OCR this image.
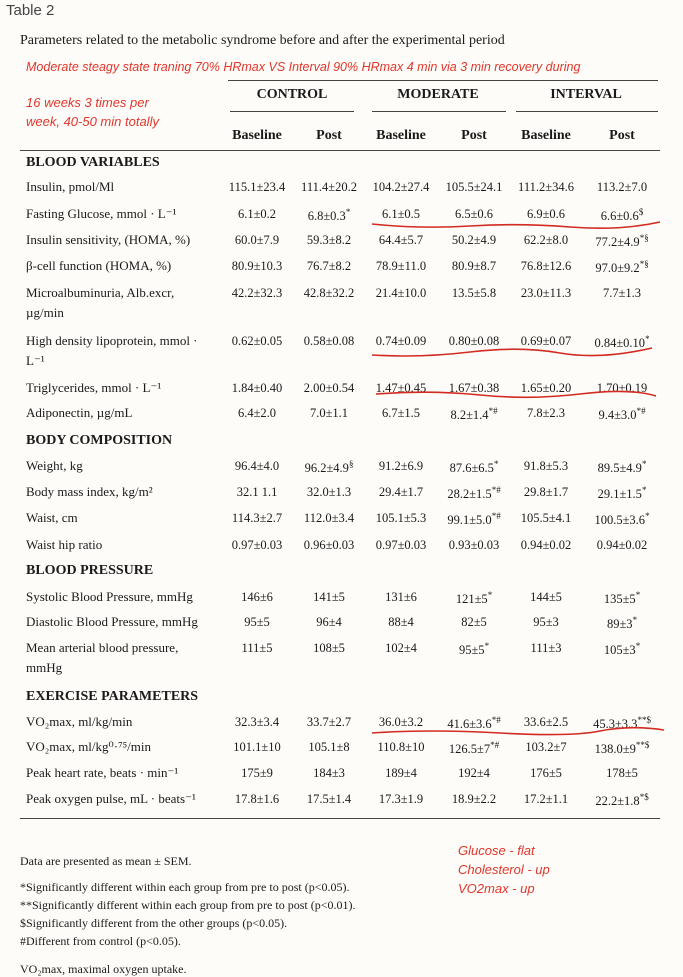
Table 2
Parameters related to the metabolic syndrome before and after the experimental period
Moderate steagy state traning 70% HRmax VS Interval 90% HRmax 4 min via 3 min recovery during
16 weeks 3 times per
week, 40-50 min totally
CONTROL	MODERATE	INTERVAL
Baseline	Post	Baseline	Post	Baseline	Post
BLOOD VARIABLES
Insulin, pmol/Ml	115.1±23.4	111.4±20.2	104.2±27.4	105.5±24.1	111.2±34.6	113.2±7.0
Fasting Glucose, mmol · L⁻¹	6.1±0.2	6.8±0.3*	6.1±0.5	6.5±0.6	6.9±0.6	6.6±0.6$
Insulin sensitivity, (HOMA, %)	60.0±7.9	59.3±8.2	64.4±5.7	50.2±4.9	62.2±8.0	77.2±4.9*§
β-cell function (HOMA, %)	80.9±10.3	76.7±8.2	78.9±11.0	80.9±8.7	76.8±12.6	97.0±9.2*§
Microalbuminuria, Alb.excr,
µg/min
42.2±32.3	42.8±32.2	21.4±10.0	13.5±5.8	23.0±11.3	7.7±1.3
High density lipoprotein, mmol ·
L⁻¹
0.62±0.05	0.58±0.08	0.74±0.09	0.80±0.08	0.69±0.07	0.84±0.10*
Triglycerides, mmol · L⁻¹	1.84±0.40	2.00±0.54	1.47±0.45	1.67±0.38	1.65±0.20	1.70±0.19
Adiponectin, µg/mL	6.4±2.0	7.0±1.1	6.7±1.5	8.2±1.4*#	7.8±2.3	9.4±3.0*#
BODY COMPOSITION
Weight, kg	96.4±4.0	96.2±4.9§	91.2±6.9	87.6±6.5*	91.8±5.3	89.5±4.9*
Body mass index, kg/m²	32.1 1.1	32.0±1.3	29.4±1.7	28.2±1.5*#	29.8±1.7	29.1±1.5*
Waist, cm	114.3±2.7	112.0±3.4	105.1±5.3	99.1±5.0*#	105.5±4.1	100.5±3.6*
Waist hip ratio	0.97±0.03	0.96±0.03	0.97±0.03	0.93±0.03	0.94±0.02	0.94±0.02
BLOOD PRESSURE
Systolic Blood Pressure, mmHg	146±6	141±5	131±6	121±5*	144±5	135±5*
Diastolic Blood Pressure, mmHg	95±5	96±4	88±4	82±5	95±3	89±3*
Mean arterial blood pressure,
mmHg
111±5	108±5	102±4	95±5*	111±3	105±3*
EXERCISE PARAMETERS
VO₂max, ml/kg/min	32.3±3.4	33.7±2.7	36.0±3.2	41.6±3.6*#	33.6±2.5	45.3±3.3**$
VO₂max, ml/kg⁰·⁷⁵/min	101.1±10	105.1±8	110.8±10	126.5±7*#	103.2±7	138.0±9**$
Peak heart rate, beats · min⁻¹	175±9	184±3	189±4	192±4	176±5	178±5
Peak oxygen pulse, mL · beats⁻¹	17.8±1.6	17.5±1.4	17.3±1.9	18.9±2.2	17.2±1.1	22.2±1.8*$
Data are presented as mean ± SEM.
*Significantly different within each group from pre to post (p<0.05).
**Significantly different within each group from pre to post (p<0.01).
$Significantly different from the other groups (p<0.05).
#Different from control (p<0.05).
VO₂max, maximal oxygen uptake.
Glucose - flat
Cholesterol - up
VO2max - up
